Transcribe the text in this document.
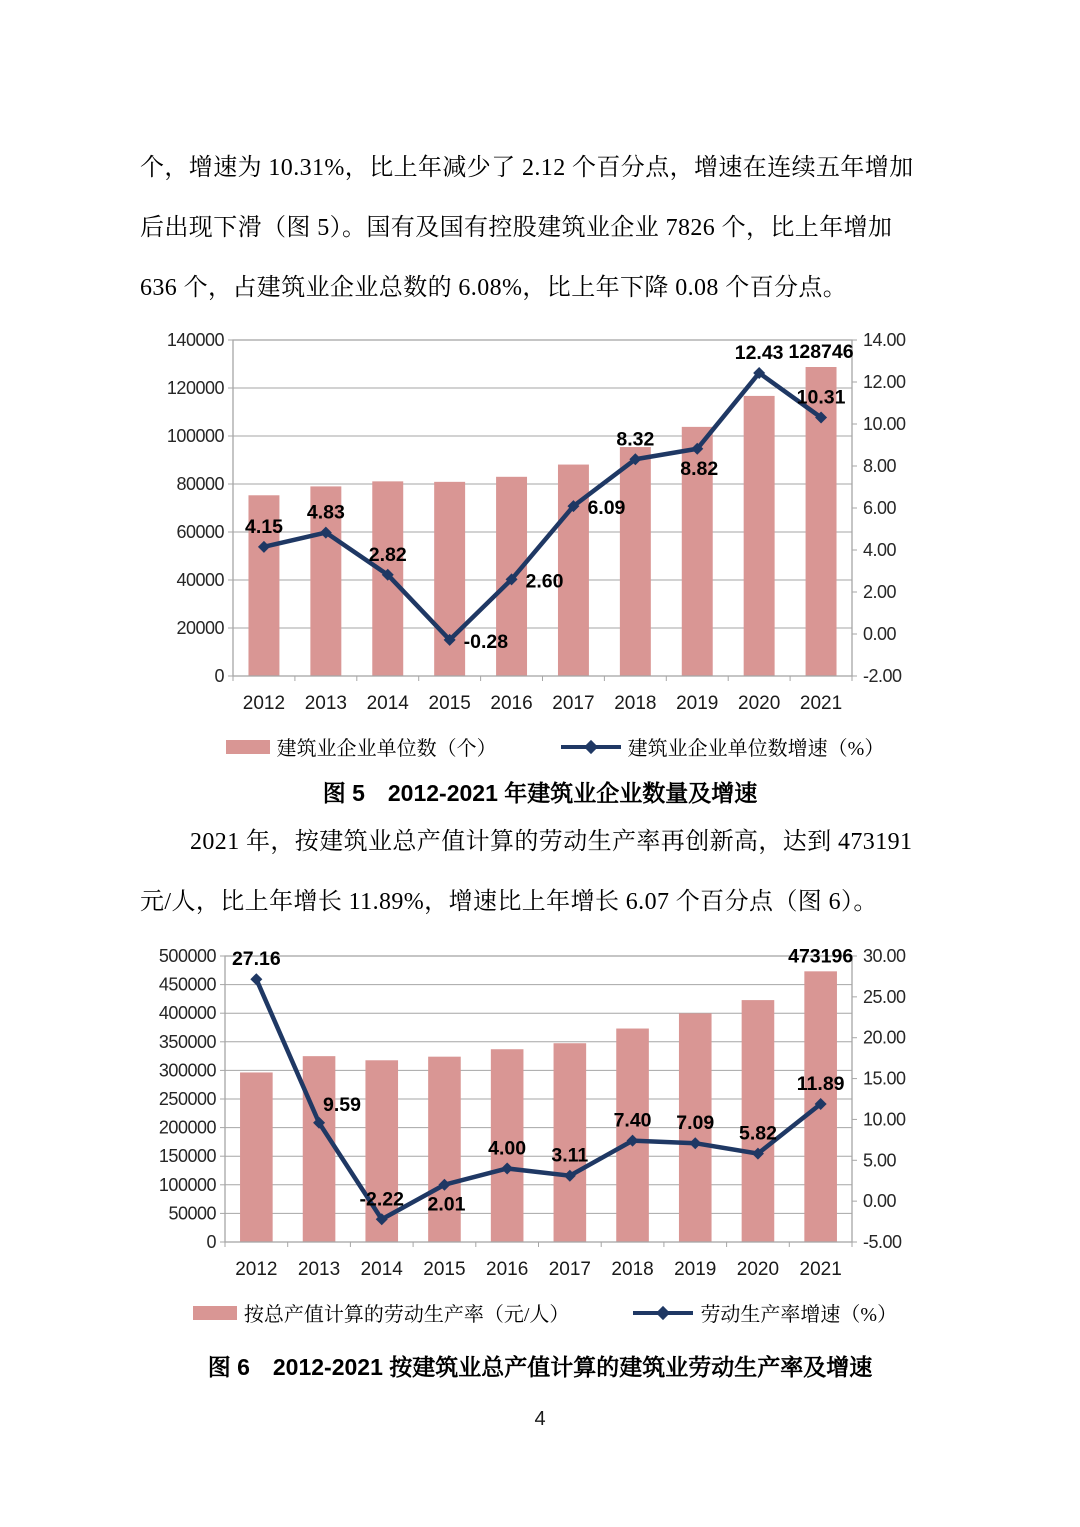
个，增速为 10.31%，比上年减少了 2.12 个百分点，增速在连续五年增加
后出现下滑（图 5）。国有及国有控股建筑业企业 7826 个，比上年增加
636 个，占建筑业企业总数的 6.08%，比上年下降 0.08 个百分点。
0
20000
40000
60000
80000
100000
120000
140000
-2.00
0.00
2.00
4.00
6.00
8.00
10.00
12.00
14.00
2012 2013 2014 2015 2016 2017 2018 2019 2020 2021
4.15
4.83
2.82
-0.28
2.60
6.09
8.32
8.82
12.43
10.31
128746
建筑业企业单位数（个）	建筑业企业单位数增速（%）
图 5　2012-2021 年建筑业企业数量及增速
2021 年，按建筑业总产值计算的劳动生产率再创新高，达到 473191
元/人，比上年增长 11.89%，增速比上年增长 6.07 个百分点（图 6）。
0
50000
100000
150000
200000
250000
300000
350000
400000
450000
500000
-5.00
0.00
5.00
10.00
15.00
20.00
25.00
30.00
2012 2013 2014 2015 2016 2017 2018 2019 2020 2021
27.16
9.59
-2.22 2.01
4.00 3.11
7.40 7.09 5.82
11.89
473196
按总产值计算的劳动生产率（元/人）	劳动生产率增速（%）
图 6　2012-2021 按建筑业总产值计算的建筑业劳动生产率及增速
4
